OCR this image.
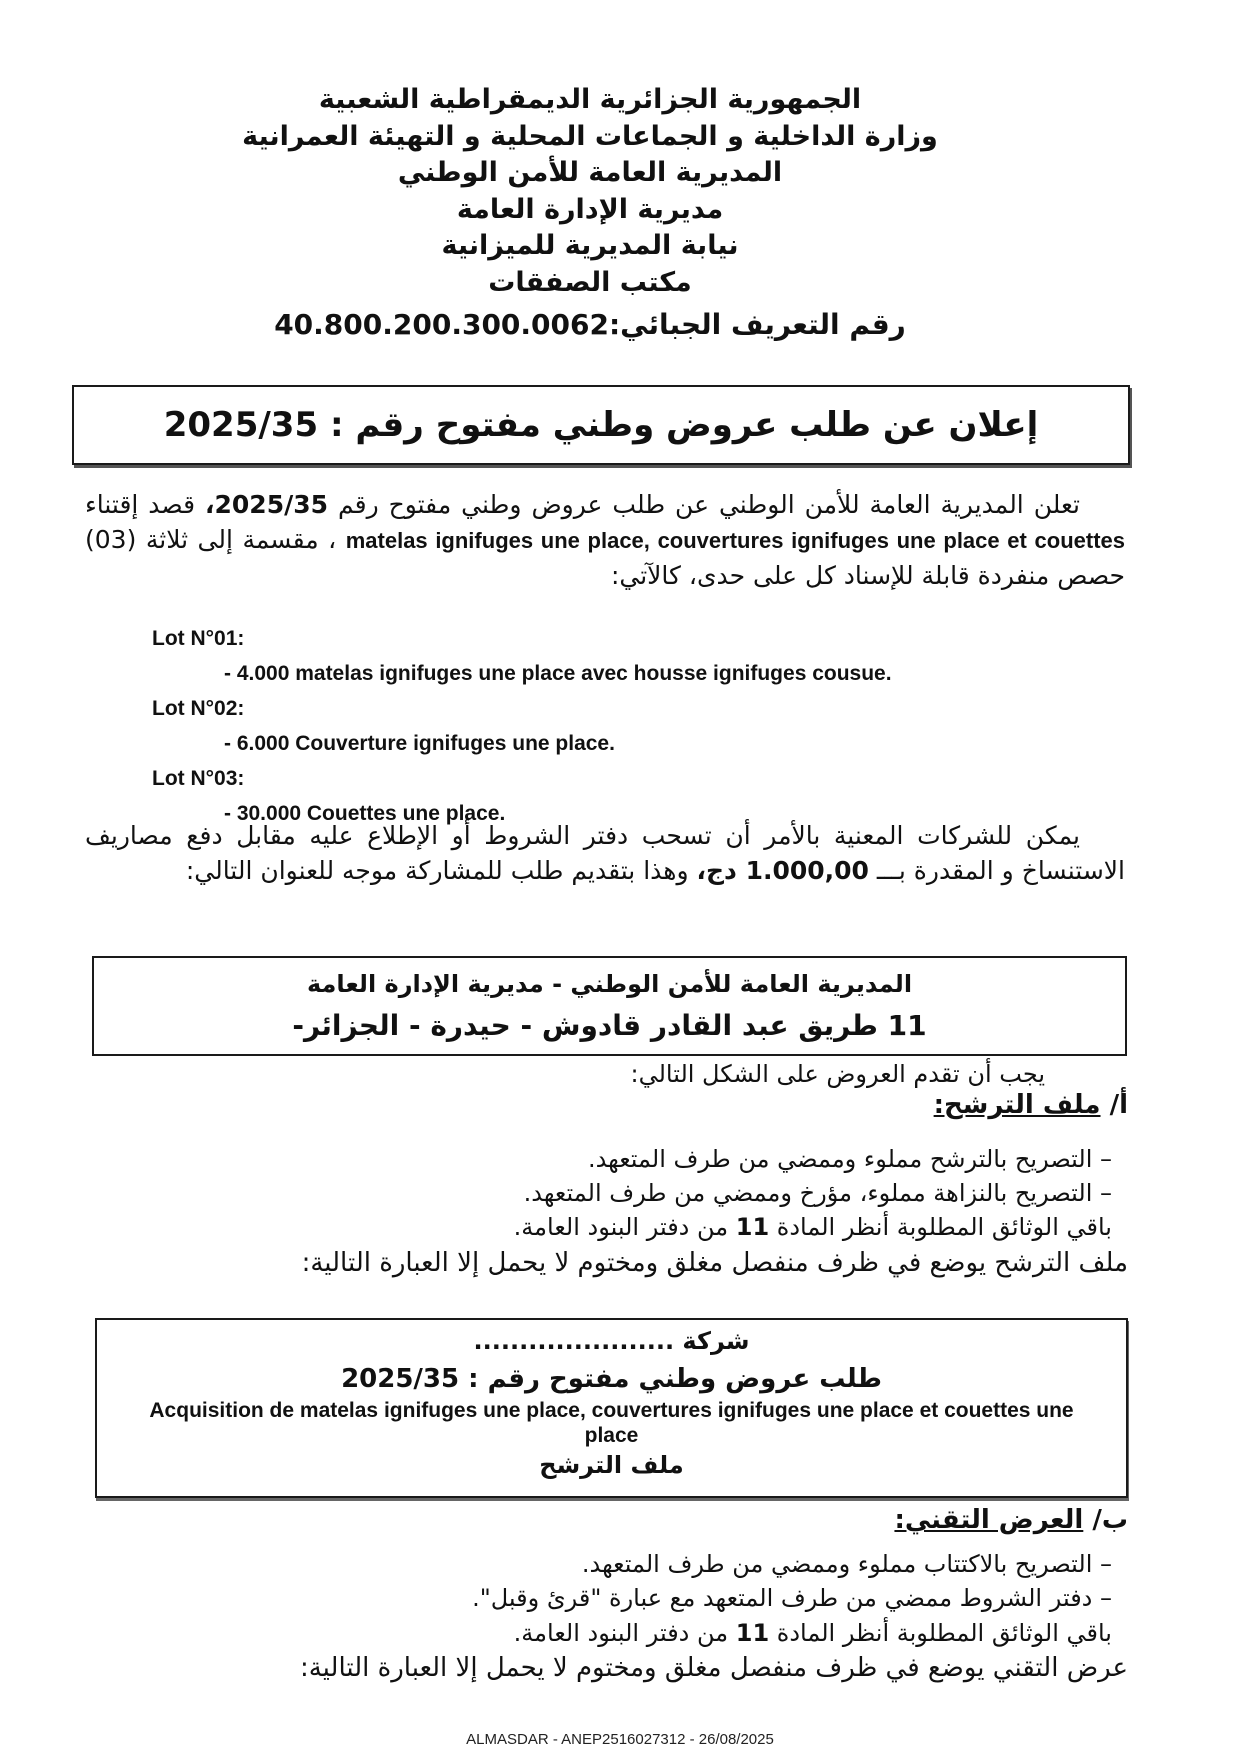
الجمهورية الجزائرية الديمقراطية الشعبية
وزارة الداخلية و الجماعات المحلية و التهيئة العمرانية
المديرية العامة للأمن الوطني
مديرية الإدارة العامة
نيابة المديرية للميزانية
مكتب الصفقات
رقم التعريف الجبائي:40.800.200.300.0062
إعلان عن طلب عروض وطني مفتوح رقم : 2025/35
تعلن المديرية العامة للأمن الوطني عن طلب عروض وطني مفتوح رقم 2025/35، قصد إقتناء matelas ignifuges une place, couvertures ignifuges une place et couettes ، مقسمة إلى ثلاثة (03) حصص منفردة قابلة للإسناد كل على حدى، كالآتي:
Lot N°01:
- 4.000 matelas ignifuges une place avec housse ignifuges cousue.
Lot N°02:
- 6.000 Couverture ignifuges une place.
Lot N°03:
- 30.000 Couettes une place.
يمكن للشركات المعنية بالأمر أن تسحب دفتر الشروط أو الإطلاع عليه مقابل دفع مصاريف الاستنساخ و المقدرة بـــ 1.000,00 دج، وهذا بتقديم طلب للمشاركة موجه للعنوان التالي:
المديرية العامة للأمن الوطني - مديرية الإدارة العامة
11 طريق عبد القادر قادوش - حيدرة - الجزائر-
يجب أن تقدم العروض على الشكل التالي:
أ/ ملف الترشح:
– التصريح بالترشح مملوء وممضي من طرف المتعهد.
– التصريح بالنزاهة مملوء، مؤرخ وممضي من طرف المتعهد.
باقي الوثائق المطلوبة أنظر المادة 11 من دفتر البنود العامة.
ملف الترشح يوضع في ظرف منفصل مغلق ومختوم لا يحمل إلا العبارة التالية:
شركة ......................
طلب عروض وطني مفتوح رقم : 2025/35
Acquisition de matelas ignifuges une place, couvertures ignifuges une place et couettes une place
ملف الترشح
ب/ العرض التقني:
– التصريح بالاكتتاب مملوء وممضي من طرف المتعهد.
– دفتر الشروط ممضي من طرف المتعهد مع عبارة "قرئ وقبل".
باقي الوثائق المطلوبة أنظر المادة 11 من دفتر البنود العامة.
عرض التقني يوضع في ظرف منفصل مغلق ومختوم لا يحمل إلا العبارة التالية:
ALMASDAR - ANEP2516027312 - 26/08/2025
